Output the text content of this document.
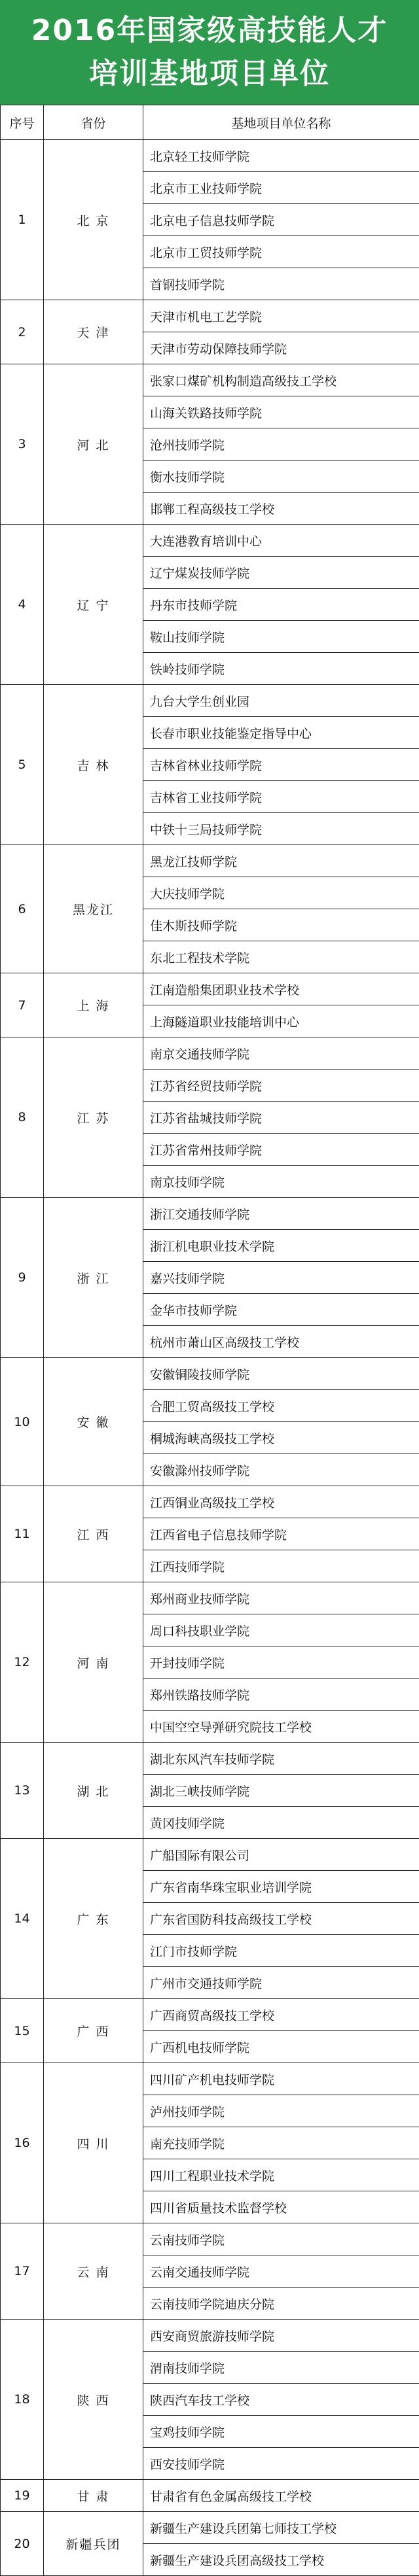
2016年国家级高技能人才
培训基地项目单位
序号	省份	基地项目单位名称
1	北 京	北京轻工技师学院
		北京市工业技师学院
		北京电子信息技师学院
		北京市工贸技师学院
		首钢技师学院
2	天 津	天津市机电工艺学院
		天津市劳动保障技师学院
3	河 北	张家口煤矿机构制造高级技工学校
		山海关铁路技师学院
		沧州技师学院
		衡水技师学院
		邯郸工程高级技工学校
4	辽 宁	大连港教育培训中心
		辽宁煤炭技师学院
		丹东市技师学院
		鞍山技师学院
		铁岭技师学院
5	吉 林	九台大学生创业园
		长春市职业技能鉴定指导中心
		吉林省林业技师学院
		吉林省工业技师学院
		中铁十三局技师学院
6	黑龙江	黑龙江技师学院
		大庆技师学院
		佳木斯技师学院
		东北工程技术学院
7	上 海	江南造船集团职业技术学校
		上海隧道职业技能培训中心
8	江 苏	南京交通技师学院
		江苏省经贸技师学院
		江苏省盐城技师学院
		江苏省常州技师学院
		南京技师学院
9	浙 江	浙江交通技师学院
		浙江机电职业技术学院
		嘉兴技师学院
		金华市技师学院
		杭州市萧山区高级技工学校
10	安 徽	安徽铜陵技师学院
		合肥工贸高级技工学校
		桐城海峡高级技工学校
		安徽滁州技师学院
11	江 西	江西铜业高级技工学校
		江西省电子信息技师学院
		江西技师学院
12	河 南	郑州商业技师学院
		周口科技职业学院
		开封技师学院
		郑州铁路技师学院
		中国空空导弹研究院技工学校
13	湖 北	湖北东风汽车技师学院
		湖北三峡技师学院
		黄冈技师学院
14	广 东	广船国际有限公司
		广东省南华珠宝职业培训学院
		广东省国防科技高级技工学校
		江门市技师学院
		广州市交通技师学院
15	广 西	广西商贸高级技工学校
		广西机电技师学院
16	四 川	四川矿产机电技师学院
		泸州技师学院
		南充技师学院
		四川工程职业技术学院
		四川省质量技术监督学校
17	云 南	云南技师学院
		云南交通技师学院
		云南技师学院迪庆分院
18	陕 西	西安商贸旅游技师学院
		渭南技师学院
		陕西汽车技工学校
		宝鸡技师学院
		西安技师学院
19	甘 肃	甘肃省有色金属高级技工学校
20	新疆兵团	新疆生产建设兵团第七师技工学校
		新疆生产建设兵团高级技工学校
